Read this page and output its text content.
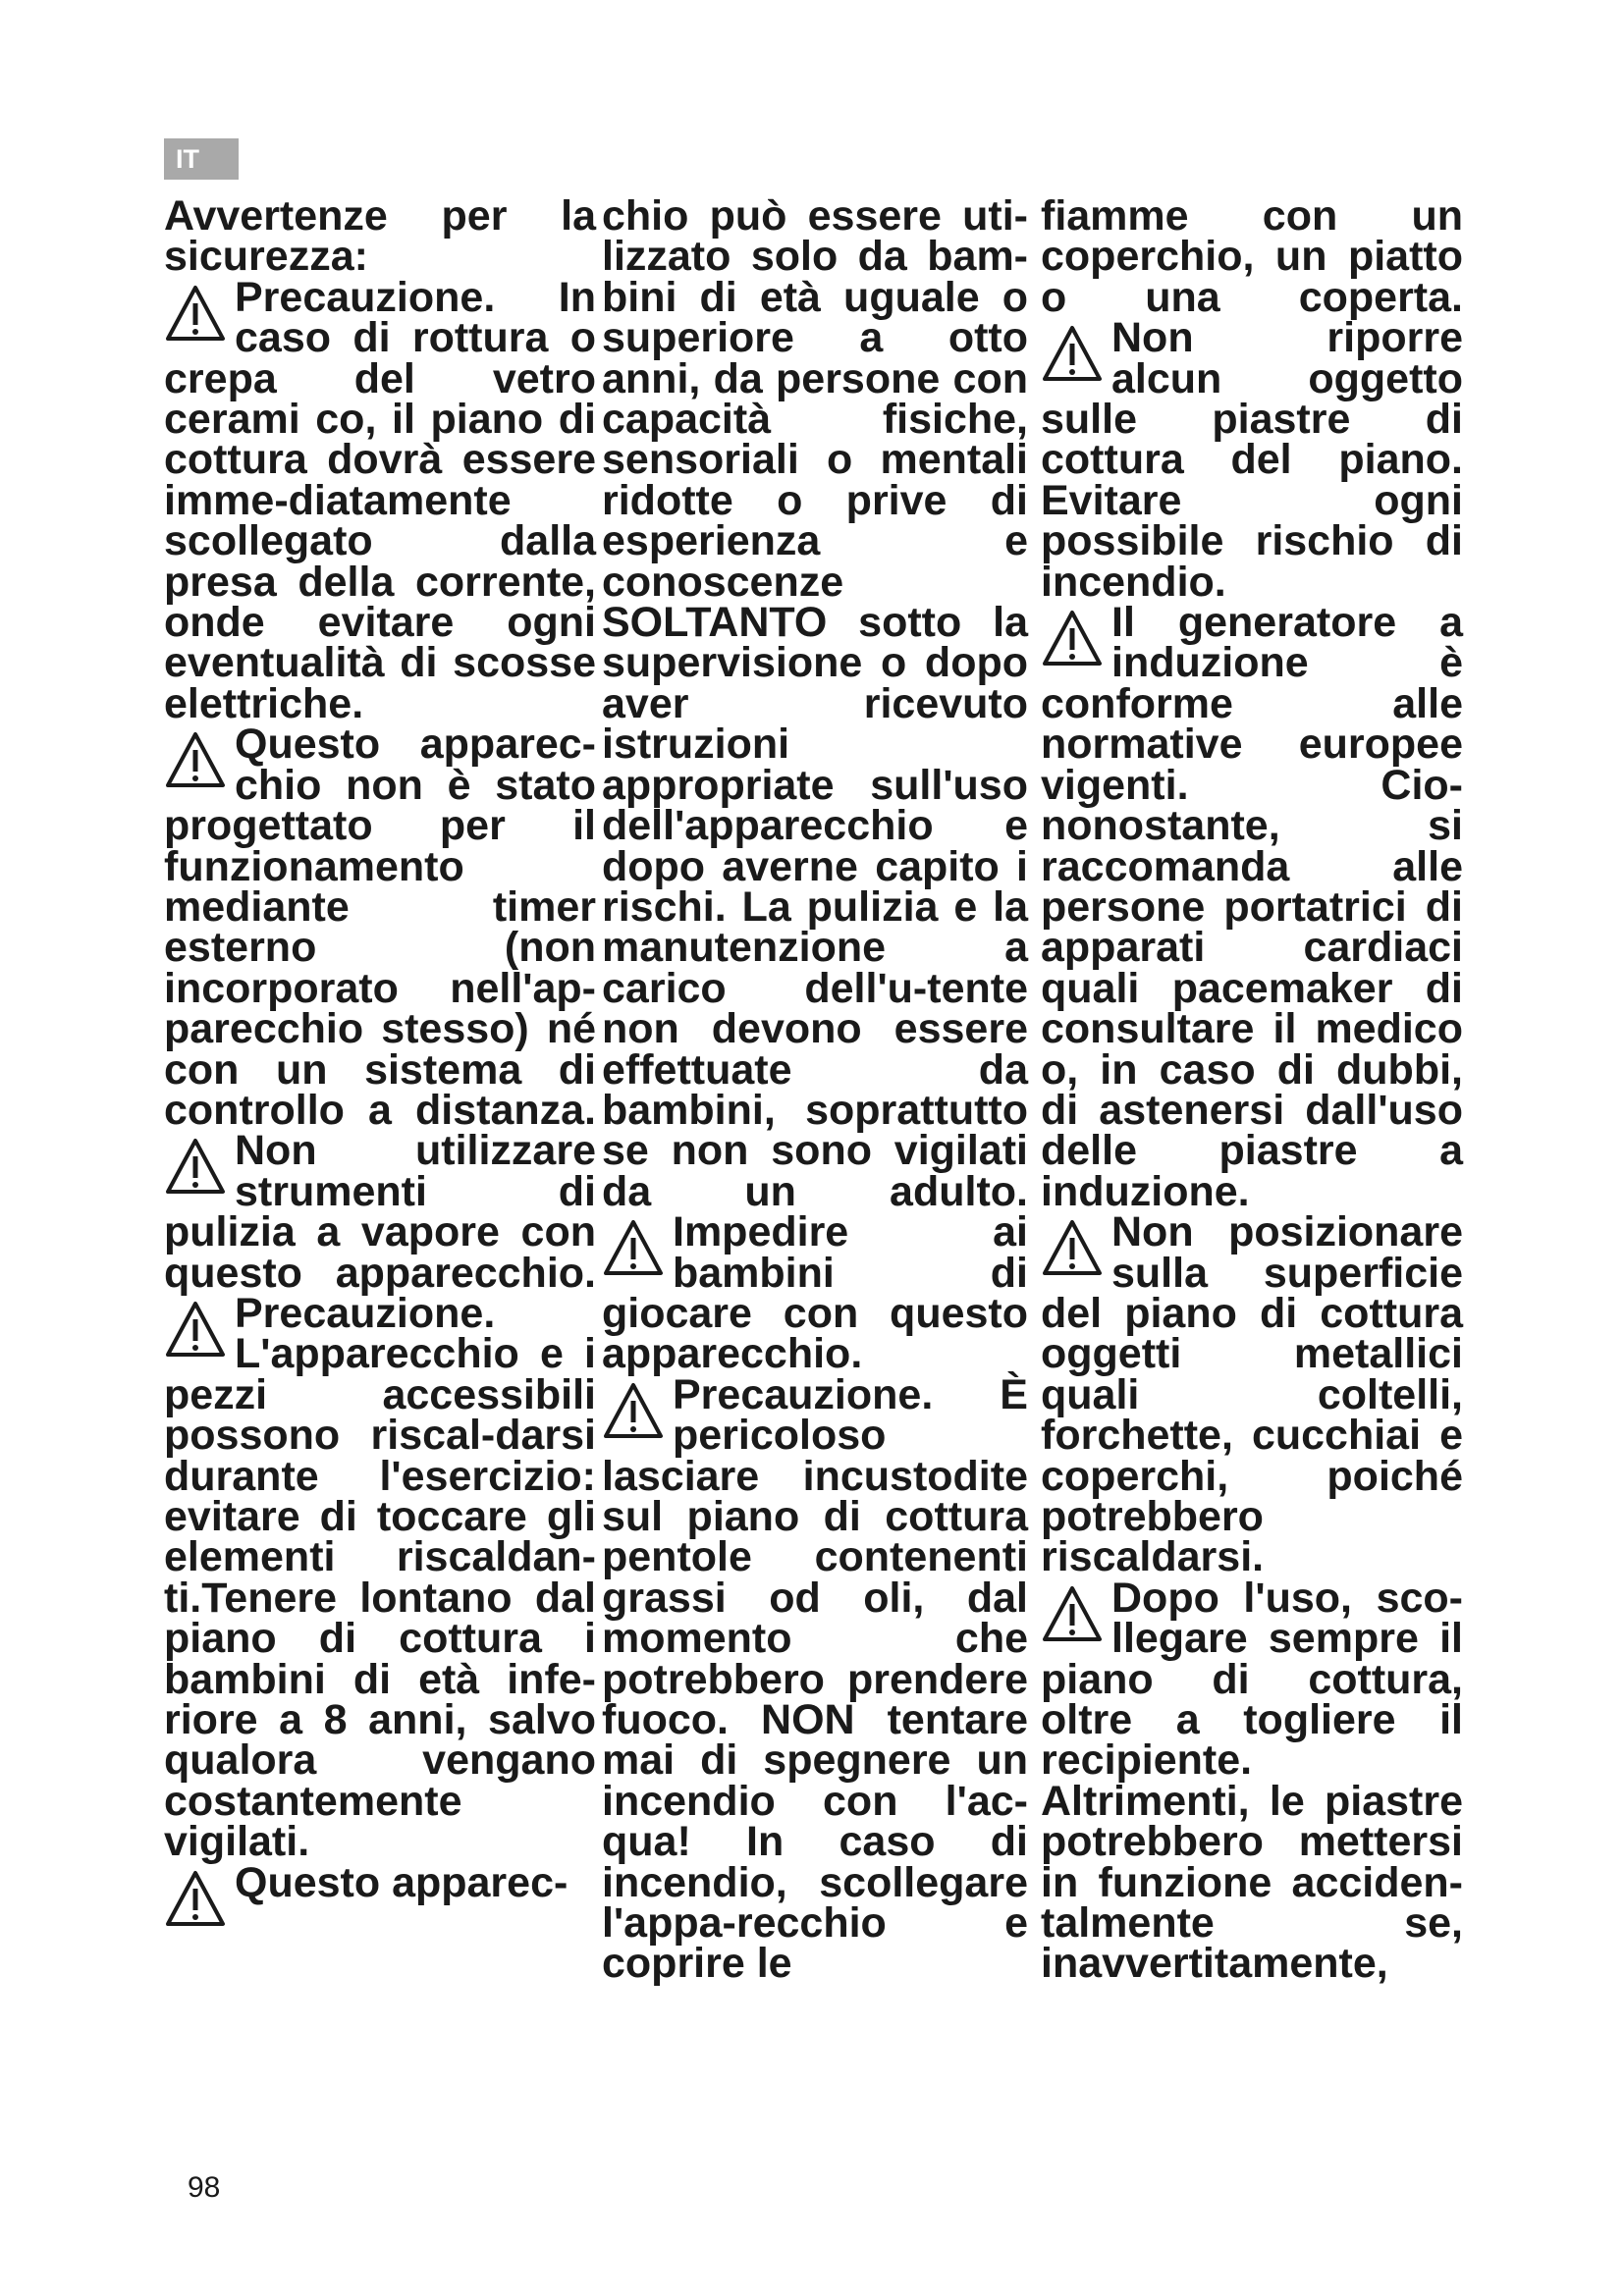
IT

Avvertenze per la sicurezza:

Precauzione. In caso di rottura o crepa del vetro cerami co, il piano di cottura dovrà essere imme-diatamente scollegato dalla presa della corrente, onde evitare ogni eventualità di scosse elettriche.

Questo apparec-chio non è stato progettato per il funzionamento mediante timer esterno (non incorporato nell'ap-parecchio stesso) né con un sistema di controllo a distanza.

Non utilizzare strumenti di pulizia a vapore con questo apparecchio.

Precauzione. L'apparecchio e i pezzi accessibili possono riscal-darsi durante l'esercizio: evitare di toccare gli elementi riscaldan-ti.Tenere lontano dal piano di cottura i bambini di età infe-riore a 8 anni, salvo qualora vengano costantemente vigilati.

Questo apparec-

chio può essere uti-lizzato solo da bam-bini di età uguale o superiore a otto anni, da persone con capacità fisiche, sensoriali o mentali ridotte o prive di esperienza e conoscenze SOLTANTO sotto la supervisione o dopo aver ricevuto istruzioni appropriate sull'uso dell'apparecchio e dopo averne capito i rischi. La pulizia e la manutenzione a carico dell'u-tente non devono essere effettuate da bambini, soprattutto se non sono vigilati da un adulto.

Impedire ai bambini di giocare con questo apparecchio.

Precauzione. È pericoloso lasciare incustodite sul piano di cottura pentole contenenti grassi od oli, dal momento che potrebbero prendere fuoco. NON tentare mai di spegnere un incendio con l'ac-qua! In caso di incendio, scollegare l'appa-recchio e coprire le

fiamme con un coperchio, un piatto o una coperta.

Non riporre alcun oggetto sulle piastre di cottura del piano. Evitare ogni possibile rischio di incendio.

Il generatore a induzione è conforme alle normative europee vigenti. Cio-nonostante, si raccomanda alle persone portatrici di apparati cardiaci quali pacemaker di consultare il medico o, in caso di dubbi, di astenersi dall'uso delle piastre a induzione.

Non posizionare sulla superficie del piano di cottura oggetti metallici quali coltelli, forchette, cucchiai e coperchi, poiché potrebbero riscaldarsi.

Dopo l'uso, sco-llegare sempre il piano di cottura, oltre a togliere il recipiente. Altrimenti, le piastre potrebbero mettersi in funzione acciden- talmente se, inavvertitamente,

98
